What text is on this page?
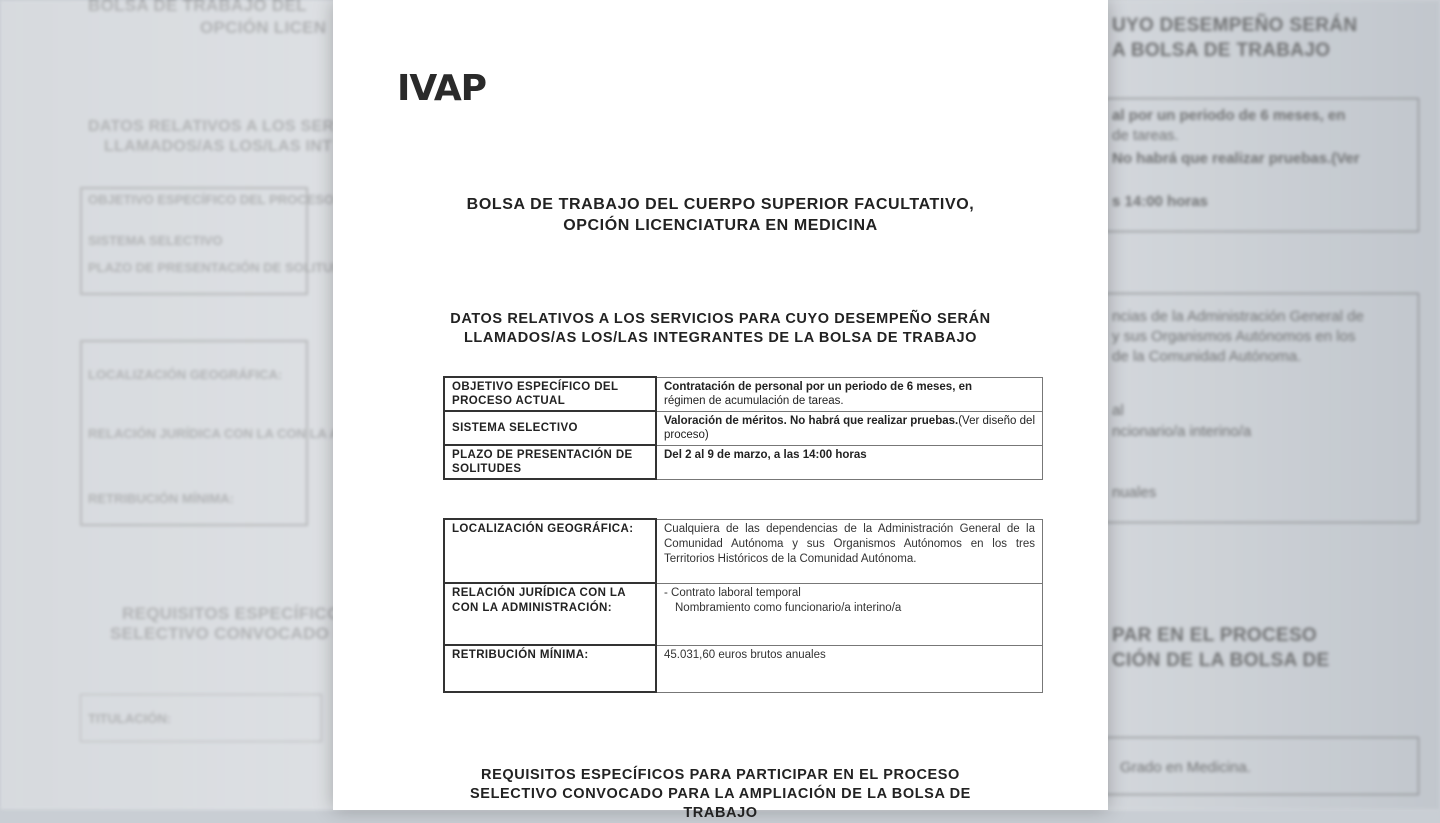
UYO DESEMPEÑO SERÁN
A BOLSA DE TRABAJO
al por un periodo de 6 meses, en
de tareas.
No habrá que realizar pruebas.(Ver
s 14:00 horas
ncias de la Administración General de
y sus Organismos Autónomos en los
de la Comunidad Autónoma.
al
ncionario/a interino/a
nuales
PAR EN EL PROCESO
CIÓN DE LA BOLSA DE
Grado en Medicina.
IVAP
BOLSA DE TRABAJO DEL CUERPO SUPERIOR FACULTATIVO,
OPCIÓN LICENCIATURA EN MEDICINA
DATOS RELATIVOS A LOS SERVICIOS PARA CUYO DESEMPEÑO SERÁN
LLAMADOS/AS LOS/LAS INTEGRANTES DE LA BOLSA DE TRABAJO
OBJETIVO ESPECÍFICO DEL PROCESO ACTUAL	Contratación de personal por un periodo de 6 meses, en
régimen de acumulación de tareas.

SISTEMA SELECTIVO	Valoración de méritos. No habrá que realizar pruebas.(Ver diseño del proceso)
PLAZO DE PRESENTACIÓN DE SOLITUDES	Del 2 al 9 de marzo, a las 14:00 horas
LOCALIZACIÓN GEOGRÁFICA:	Cualquiera de las dependencias de la Administración General de la Comunidad Autónoma y sus Organismos Autónomos en los tres Territorios Históricos de la Comunidad Autónoma.
RELACIÓN JURÍDICA CON LA CON LA ADMINISTRACIÓN:	- Contrato laboral temporal
Nombramiento como funcionario/a interino/a

RETRIBUCIÓN MÍNIMA:	45.031,60 euros brutos anuales
REQUISITOS ESPECÍFICOS PARA PARTICIPAR EN EL PROCESO
SELECTIVO CONVOCADO PARA LA AMPLIACIÓN DE LA BOLSA DE
TRABAJO
